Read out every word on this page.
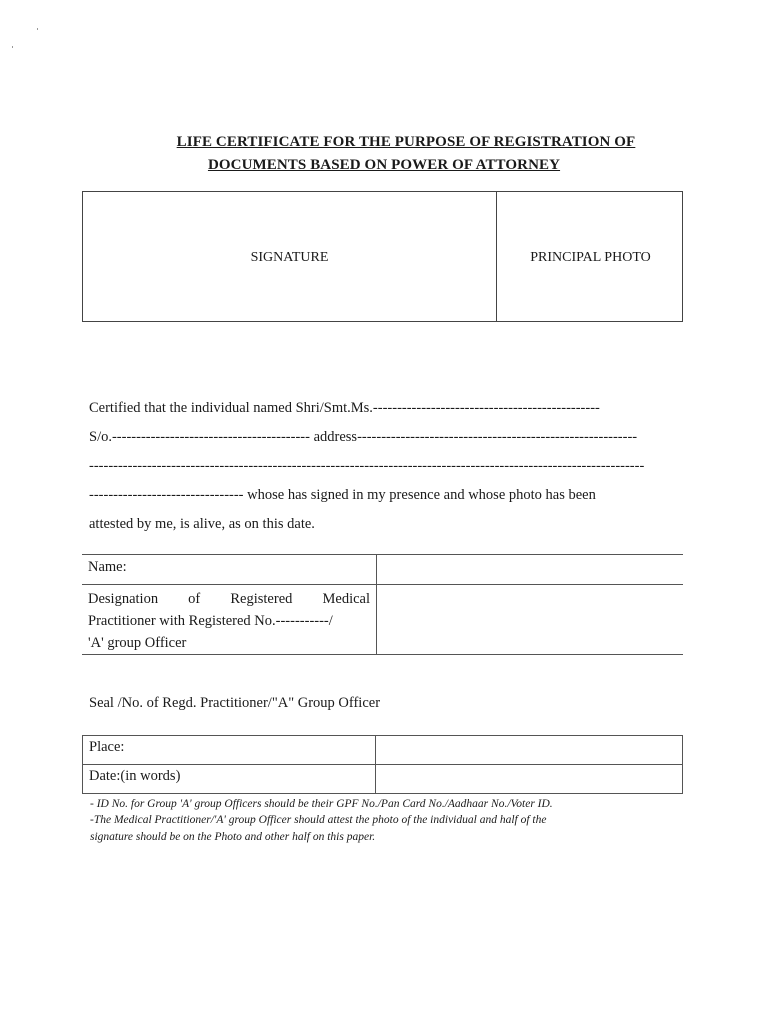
LIFE CERTIFICATE FOR THE PURPOSE OF REGISTRATION OF
DOCUMENTS BASED ON POWER OF ATTORNEY
SIGNATURE	PRINCIPAL PHOTO
Certified that the individual named Shri/Smt.Ms.-----------------------------------------------
S/o.----------------------------------------- address----------------------------------------------------------
-------------------------------------------------------------------------------------------------------------------
-------------------------------- whose has signed in my presence and whose photo has been
attested by me, is alive, as on this date.
Name:	

Designation of Registered Medical
Practitioner with Registered No.-----------/
'A' group Officer	

Seal /No. of Regd. Practitioner/"A" Group Officer
Place:	
Date:(in words)	
- ID No. for Group 'A' group Officers should be their GPF No./Pan Card No./Aadhaar No./Voter ID.
-The Medical Practitioner/'A' group Officer should attest the photo of the individual and half of the
signature should be on the Photo and other half on this paper.
